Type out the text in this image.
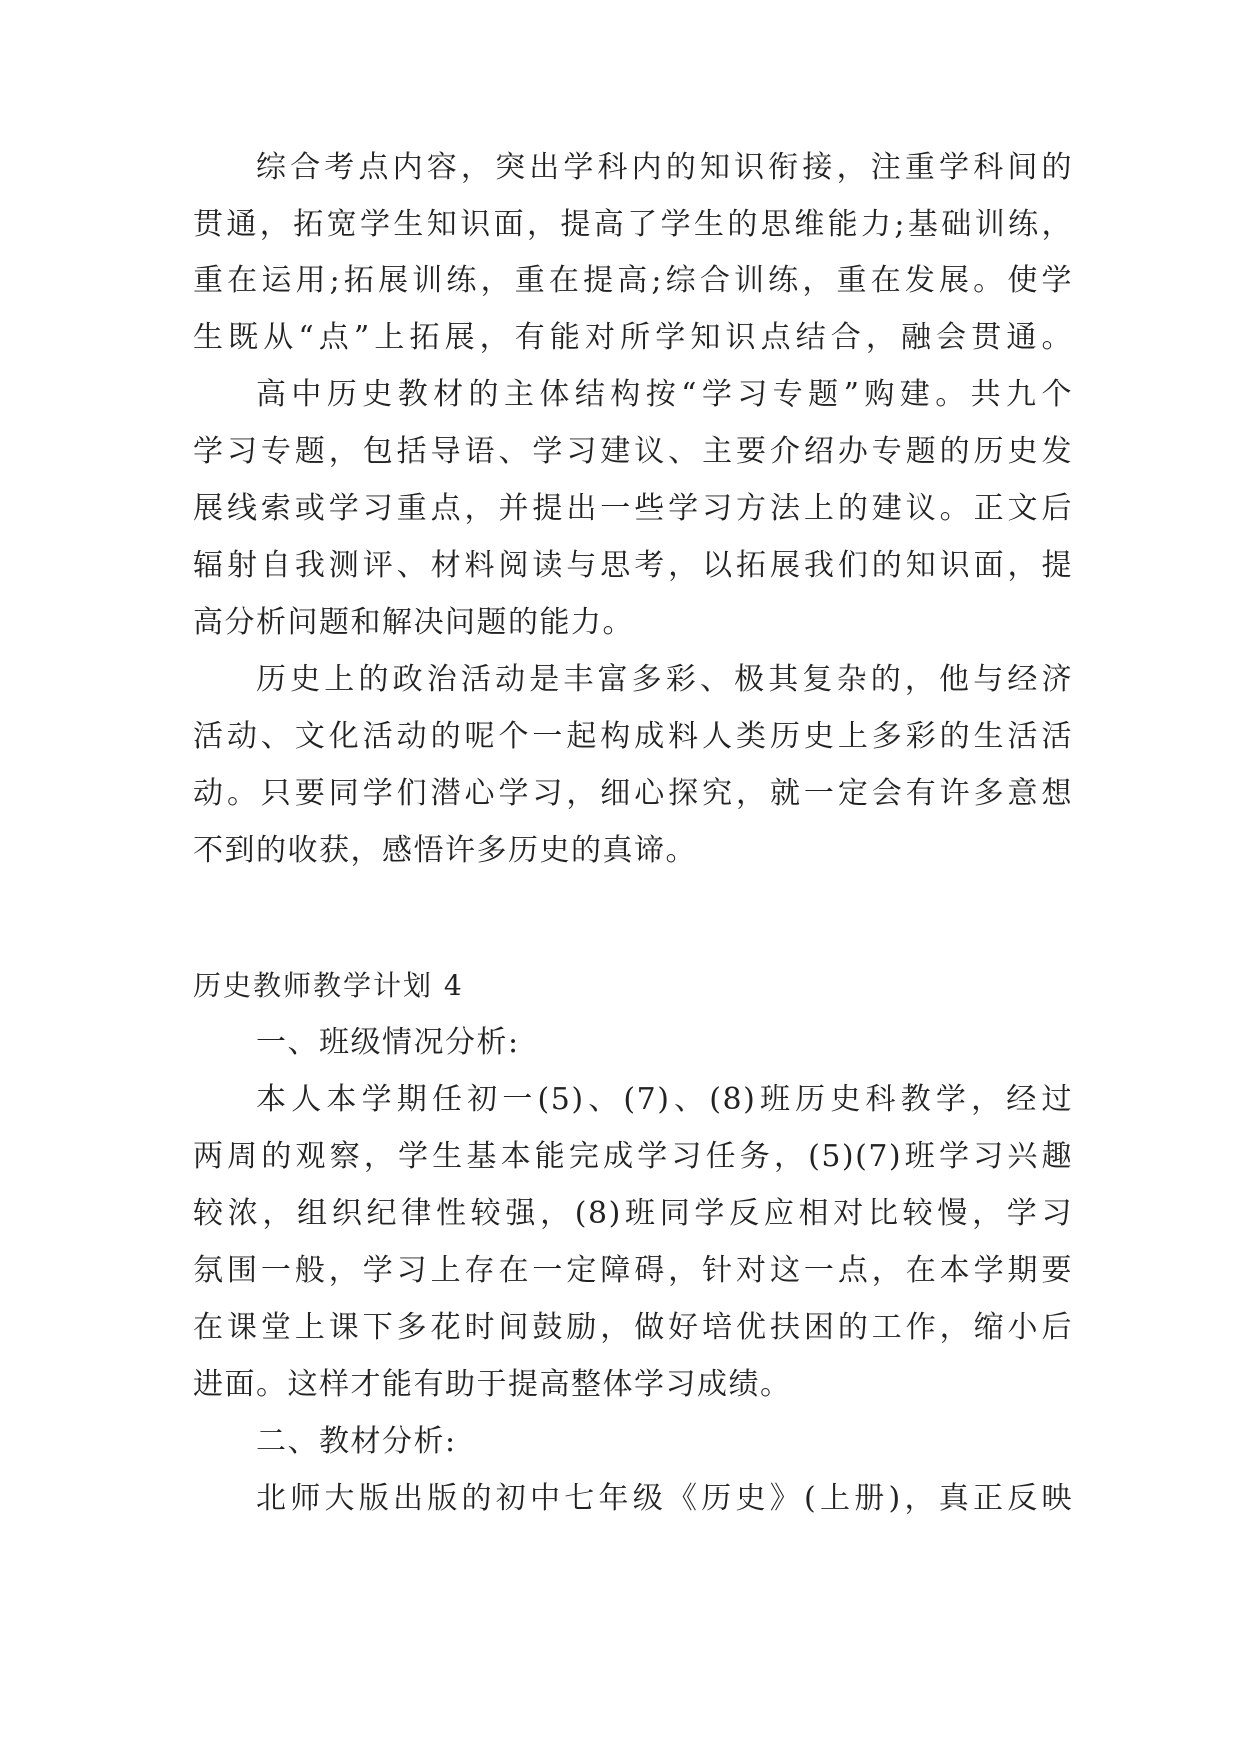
综合考点内容，突出学科内的知识衔接，注重学科间的
贯通，拓宽学生知识面，提高了学生的思维能力;基础训练，
重在运用;拓展训练，重在提高;综合训练，重在发展。使学
生既从“点”上拓展，有能对所学知识点结合，融会贯通。
高中历史教材的主体结构按“学习专题”购建。共九个
学习专题，包括导语、学习建议、主要介绍办专题的历史发
展线索或学习重点，并提出一些学习方法上的建议。正文后
辐射自我测评、材料阅读与思考，以拓展我们的知识面，提
高分析问题和解决问题的能力。
历史上的政治活动是丰富多彩、极其复杂的，他与经济
活动、文化活动的呢个一起构成料人类历史上多彩的生活活
动。只要同学们潜心学习，细心探究，就一定会有许多意想
不到的收获，感悟许多历史的真谛。
历史教师教学计划 4
一、班级情况分析:
本人本学期任初一(5)、(7)、(8)班历史科教学，经过
两周的观察，学生基本能完成学习任务，(5)(7)班学习兴趣
较浓，组织纪律性较强，(8)班同学反应相对比较慢，学习
氛围一般，学习上存在一定障碍，针对这一点，在本学期要
在课堂上课下多花时间鼓励，做好培优扶困的工作，缩小后
进面。这样才能有助于提高整体学习成绩。
二、教材分析:
北师大版出版的初中七年级《历史》(上册)，真正反映
